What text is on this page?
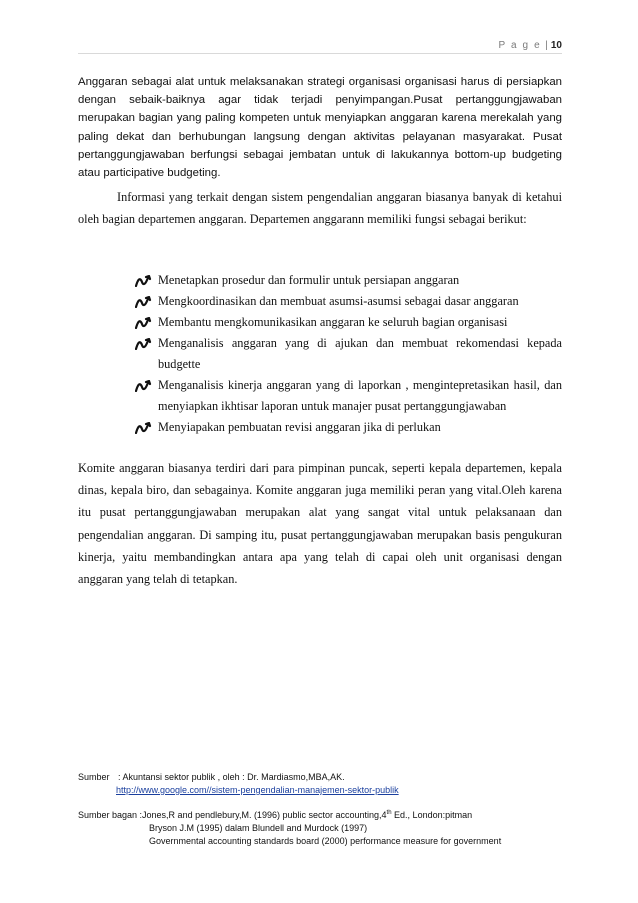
P a g e | 10

Anggaran sebagai alat untuk melaksanakan strategi organisasi organisasi harus di persiapkan dengan sebaik-baiknya agar tidak terjadi penyimpangan.Pusat pertanggungjawaban merupakan bagian yang paling kompeten untuk menyiapkan anggaran karena merekalah yang paling dekat dan berhubungan langsung dengan aktivitas pelayanan masyarakat. Pusat pertanggungjawaban berfungsi sebagai jembatan untuk di lakukannya bottom-up budgeting atau participative budgeting.

Informasi yang terkait dengan sistem pengendalian anggaran biasanya banyak di ketahui oleh bagian departemen anggaran. Departemen anggarann memiliki fungsi sebagai berikut:

Menetapkan prosedur dan formulir untuk persiapan anggaran
Mengkoordinasikan dan membuat asumsi-asumsi sebagai dasar anggaran
Membantu mengkomunikasikan anggaran ke seluruh bagian organisasi
Menganalisis anggaran yang di ajukan dan membuat rekomendasi kepada budgette
Menganalisis kinerja anggaran yang di laporkan , mengintepretasikan hasil, dan menyiapkan ikhtisar laporan untuk manajer pusat pertanggungjawaban
Menyiapakan pembuatan revisi anggaran jika di perlukan

Komite anggaran biasanya terdiri dari para pimpinan puncak, seperti kepala departemen, kepala dinas, kepala biro, dan sebagainya. Komite anggaran juga memiliki peran yang vital.Oleh karena itu pusat pertanggungjawaban merupakan alat yang sangat vital untuk pelaksanaan dan pengendalian anggaran. Di samping itu, pusat pertanggungjawaban merupakan basis pengukuran kinerja, yaitu membandingkan antara apa yang telah di capai oleh unit organisasi dengan anggaran yang telah di tetapkan.

Sumber : Akuntansi sektor publik , oleh : Dr. Mardiasmo,MBA,AK.
http://www.google.com//sistem-pengendalian-manajemen-sektor-publik
Sumber bagan :Jones,R and pendlebury,M. (1996) public sector accounting,4th Ed., London:pitman
Bryson J.M (1995) dalam Blundell and Murdock (1997)
Governmental accounting standards board (2000) performance measure for government
